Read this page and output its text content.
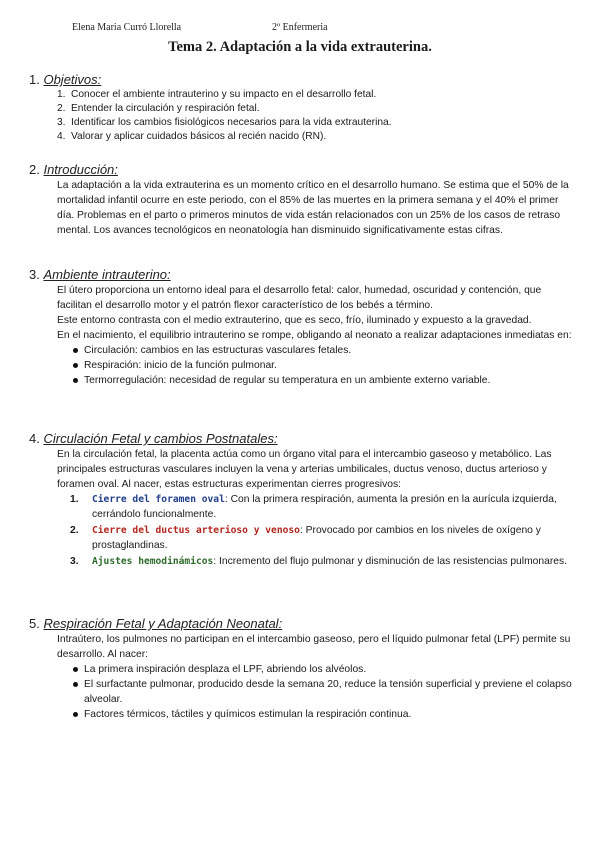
Elena Maria Curró Llorella	2º Enfermeria
Tema 2. Adaptación a la vida extrauterina.
1. Objetivos:
1. Conocer el ambiente intrauterino y su impacto en el desarrollo fetal.
2. Entender la circulación y respiración fetal.
3. Identificar los cambios fisiológicos necesarios para la vida extrauterina.
4. Valorar y aplicar cuidados básicos al recién nacido (RN).
2. Introducción:

La adaptación a la vida extrauterina es un momento crítico en el desarrollo humano. Se estima que el 50% de la mortalidad infantil ocurre en este periodo, con el 85% de las muertes en la primera semana y el 40% el primer día. Problemas en el parto o primeros minutos de vida están relacionados con un 25% de los casos de retraso mental. Los avances tecnológicos en neonatología han disminuido significativamente estas cifras.

3. Ambiente intrauterino:

El útero proporciona un entorno ideal para el desarrollo fetal: calor, humedad, oscuridad y contención, que facilitan el desarrollo motor y el patrón flexor característico de los bebés a término.

Este entorno contrasta con el medio extrauterino, que es seco, frío, iluminado y expuesto a la gravedad.

En el nacimiento, el equilibrio intrauterino se rompe, obligando al neonato a realizar adaptaciones inmediatas en:

Circulación: cambios en las estructuras vasculares fetales.
Respiración: inicio de la función pulmonar.
Termorregulación: necesidad de regular su temperatura en un ambiente externo variable.
4. Circulación Fetal y cambios Postnatales:

En la circulación fetal, la placenta actúa como un órgano vital para el intercambio gaseoso y metabólico. Las principales estructuras vasculares incluyen la vena y arterias umbilicales, ductus venoso, ductus arterioso y foramen oval. Al nacer, estas estructuras experimentan cierres progresivos:

1. Cierre del foramen oval: Con la primera respiración, aumenta la presión en la aurícula izquierda, cerrándolo funcionalmente.
2. Cierre del ductus arterioso y venoso: Provocado por cambios en los niveles de oxígeno y prostaglandinas.
3. Ajustes hemodinámicos: Incremento del flujo pulmonar y disminución de las resistencias pulmonares.
5. Respiración Fetal y Adaptación Neonatal:

Intraútero, los pulmones no participan en el intercambio gaseoso, pero el líquido pulmonar fetal (LPF) permite su desarrollo. Al nacer:

La primera inspiración desplaza el LPF, abriendo los alvéolos.
El surfactante pulmonar, producido desde la semana 20, reduce la tensión superficial y previene el colapso alveolar.
Factores térmicos, táctiles y químicos estimulan la respiración continua.
